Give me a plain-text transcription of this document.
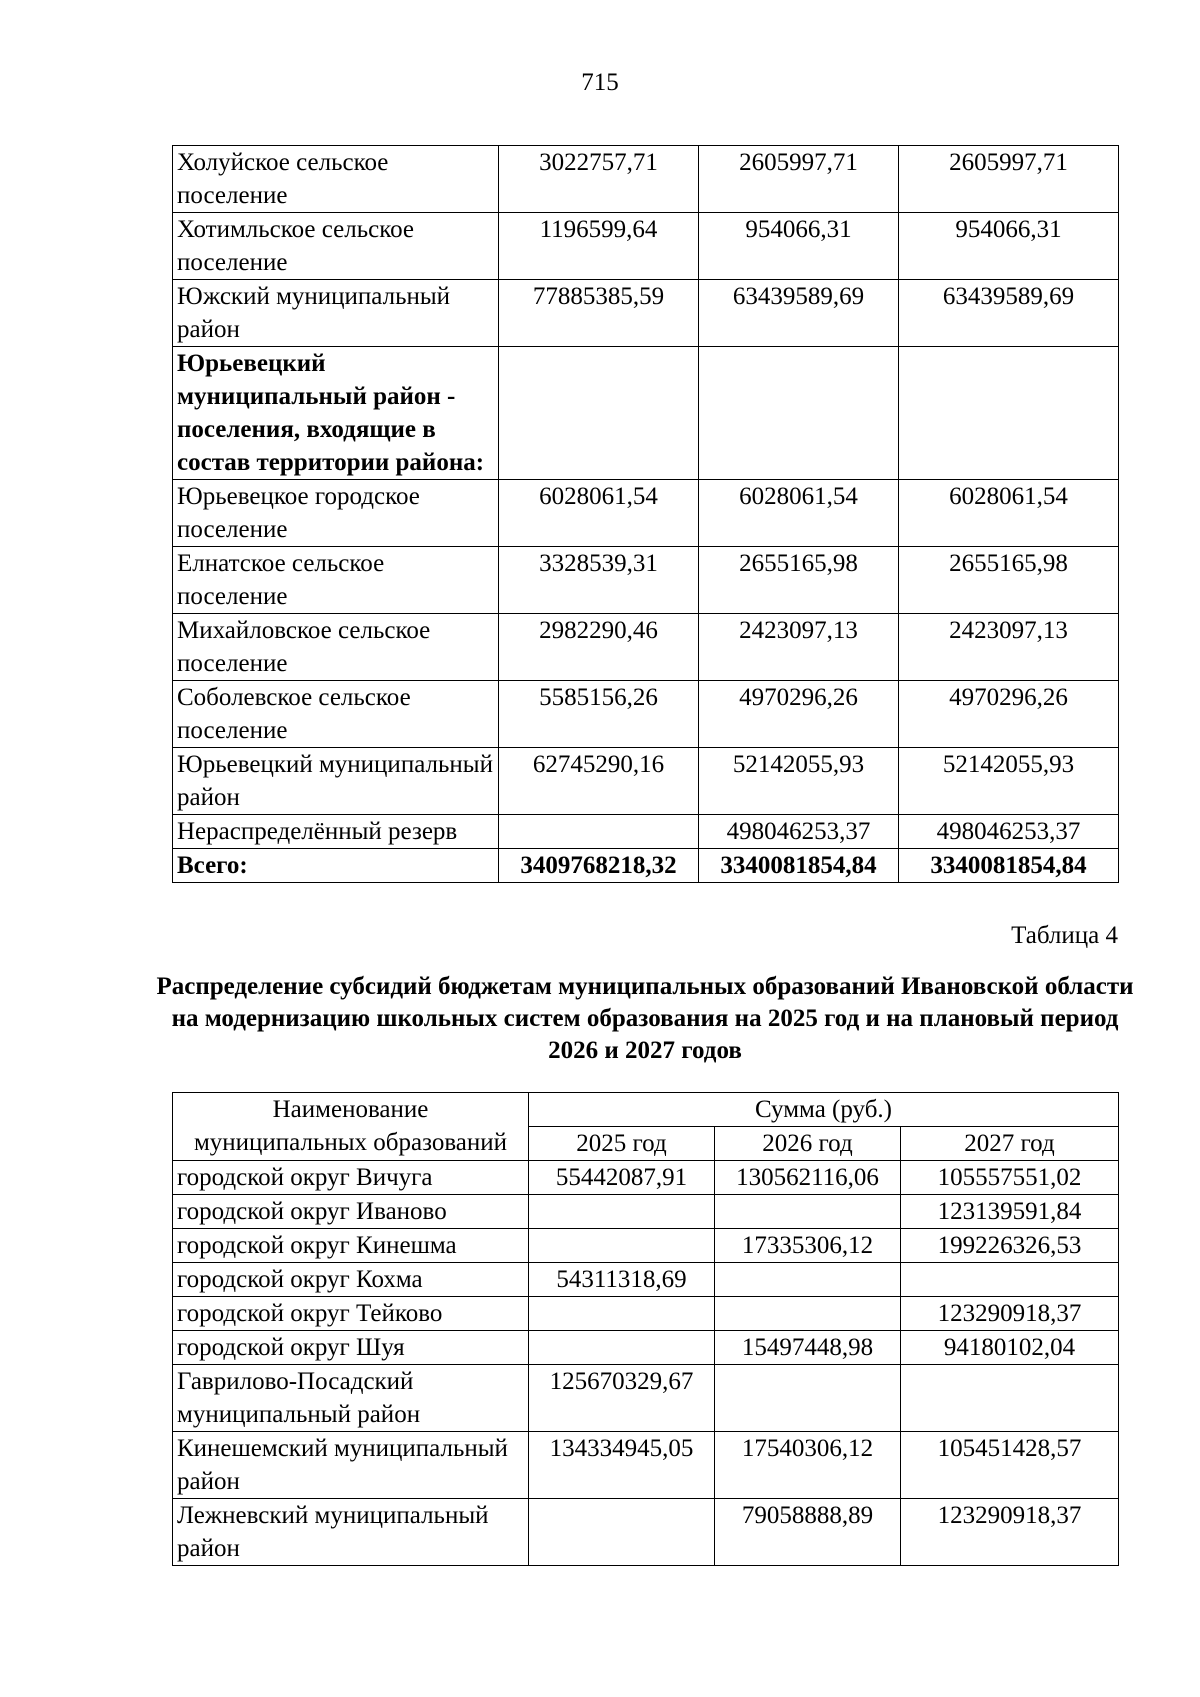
715
Холуйское сельское поселение	3022757,71	2605997,71	2605997,71
Хотимльское сельское поселение	1196599,64	954066,31	954066,31
Южский муниципальный район	77885385,59	63439589,69	63439589,69
Юрьевецкий муниципальный район - поселения, входящие в состав территории района:			
Юрьевецкое городское поселение	6028061,54	6028061,54	6028061,54
Елнатское сельское поселение	3328539,31	2655165,98	2655165,98
Михайловское сельское поселение	2982290,46	2423097,13	2423097,13
Соболевское сельское поселение	5585156,26	4970296,26	4970296,26
Юрьевецкий муниципальный район	62745290,16	52142055,93	52142055,93
Нераспределённый резерв		498046253,37	498046253,37
Всего:	3409768218,32	3340081854,84	3340081854,84
Таблица 4
Распределение субсидий бюджетам муниципальных образований Ивановской области на модернизацию школьных систем образования на 2025 год и на плановый период 2026 и 2027 годов
Наименование
муниципальных образований	Сумма (руб.)		
	2025 год	2026 год	2027 год
городской округ Вичуга	55442087,91	130562116,06	105557551,02
городской округ Иваново			123139591,84
городской округ Кинешма		17335306,12	199226326,53
городской округ Кохма	54311318,69		
городской округ Тейково			123290918,37
городской округ Шуя		15497448,98	94180102,04
Гаврилово-Посадский муниципальный район	125670329,67		
Кинешемский муниципальный район	134334945,05	17540306,12	105451428,57
Лежневский муниципальный район		79058888,89	123290918,37
